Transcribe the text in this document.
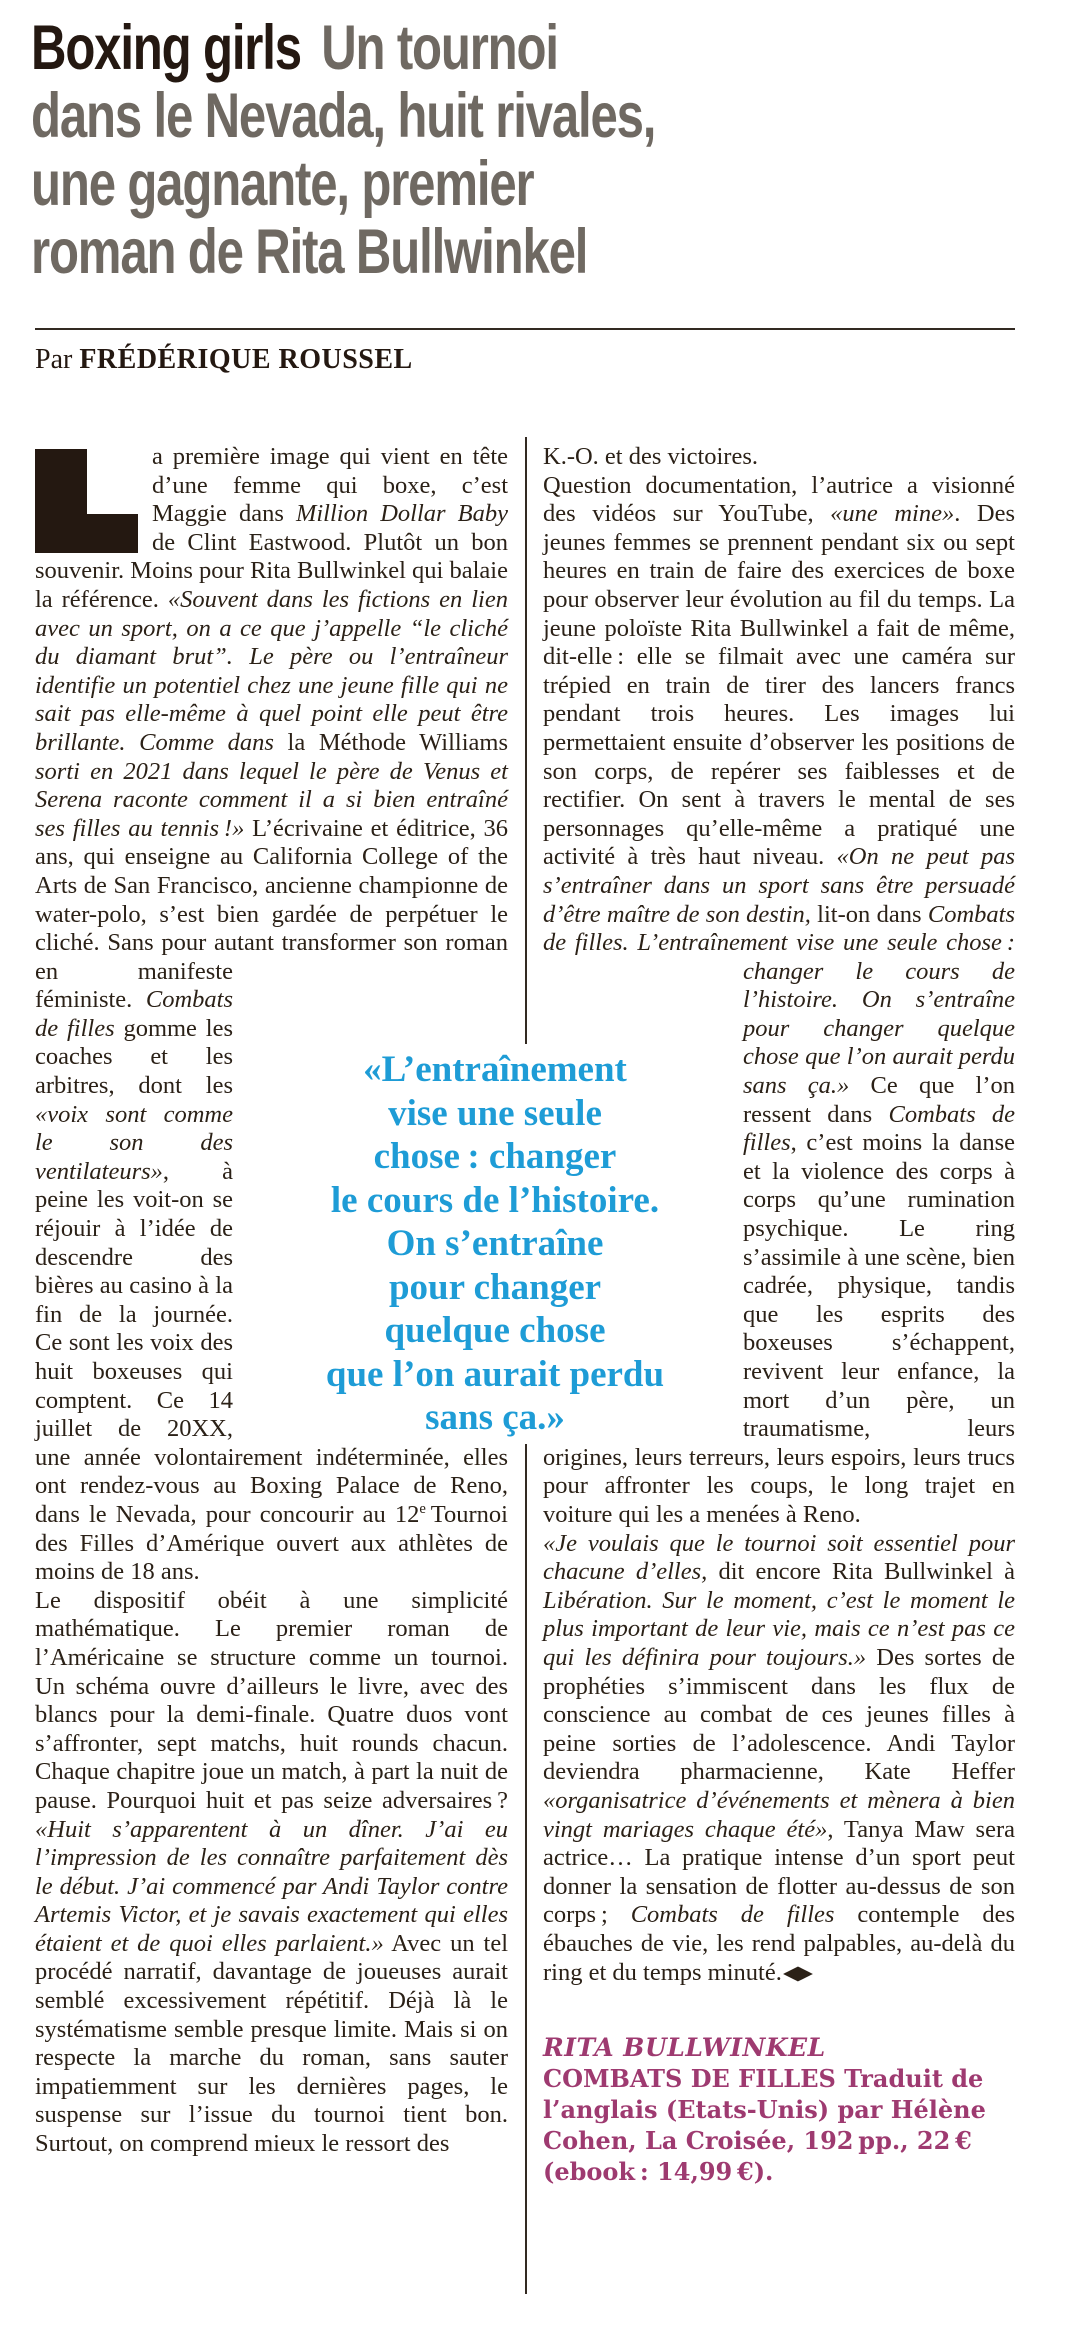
Boxing girls Un tournoi
dans le Nevada, huit rivales,
une gagnante, premier
roman de Rita Bullwinkel
Par FRÉDÉRIQUE ROUSSEL
a première image qui vient en tête d’une femme qui boxe, c’est Maggie dans Million Dollar Baby de Clint Eastwood. Plutôt un bon souvenir. Moins pour Rita Bullwinkel qui balaie la référence. «Souvent dans les fictions en lien avec un sport, on a ce que j’appelle “le cliché du diamant brut”. Le père ou l’entraîneur identifie un potentiel chez une jeune fille qui ne sait pas elle-même à quel point elle peut être brillante. Comme dans la Méthode Williams sorti en 2021 dans lequel le père de Venus et Serena raconte comment il a si bien entraîné ses filles au tennis !» L’écrivaine et éditrice, 36 ans, qui enseigne au California College of the Arts de San Francisco, ancienne championne de water-polo, s’est bien gardée de perpétuer le cliché. Sans pour autant transformer son
roman en manifeste féministe. Combats de filles gomme les coaches et les arbitres, dont les «voix sont comme le son des ventilateurs», à peine les voit-on se réjouir à l’idée de descendre des bières au casino à la fin de la journée. Ce sont les voix des huit boxeuses qui comptent. Ce 14 juillet de 20XX, une année volontairement indéterminée, elles ont rendez-vous au Boxing Palace de Reno, dans le Nevada, pour concourir au 12e Tournoi des Filles d’Amérique ouvert aux athlètes de moins de 18 ans.
Le dispositif obéit à une simplicité mathématique. Le premier roman de l’Américaine se structure comme un tournoi. Un schéma ouvre d’ailleurs le livre, avec des blancs pour la demi-finale. Quatre duos vont s’affronter, sept matchs, huit rounds chacun. Chaque chapitre joue un match, à part la nuit de pause. Pourquoi huit et pas seize adversaires ? «Huit s’apparentent à un dîner. J’ai eu l’impression de les connaître parfaitement dès le début. J’ai commencé par Andi Taylor contre Artemis Victor, et je savais exactement qui elles étaient et de quoi elles parlaient.» Avec un tel procédé narratif, davantage de joueuses aurait semblé excessivement répétitif. Déjà là le systématisme semble presque limite. Mais si on respecte la marche du roman, sans sauter impatiemment sur les dernières pages, le suspense sur l’issue du tournoi tient bon. Surtout, on comprend mieux le ressort des
K.-O. et des victoires.
Question documentation, l’autrice a visionné des vidéos sur YouTube, «une mine». Des jeunes femmes se prennent pendant six ou sept heures en train de faire des exercices de boxe pour observer leur évolution au fil du temps. La jeune poloïste Rita Bullwinkel a fait de même, dit-elle : elle se filmait avec une caméra sur trépied en train de tirer des lancers francs pendant trois heures. Les images lui permettaient ensuite d’observer les positions de son corps, de repérer ses faiblesses et de rectifier. On sent à travers le mental de ses personnages qu’elle-même a pratiqué une activité à très haut niveau. «On ne peut pas s’entraîner dans un sport sans être persuadé d’être maître de son destin, lit-on dans Combats de filles. L’entraînement vise une seule chose : changer le cours de
l’histoire. On s’entraîne pour changer quelque chose que l’on aurait perdu sans ça.» Ce que l’on ressent dans Combats de filles, c’est moins la danse et la violence des corps à corps qu’une rumination psychique. Le ring s’assimile à une scène, bien cadrée, physique, tandis que les esprits des boxeuses s’échappent, revivent leur enfance, la mort d’un père, un traumatisme, leurs origines, leurs terreurs, leurs espoirs, leurs trucs pour affronter les coups, le long trajet en voiture qui les a menées à Reno.
«Je voulais que le tournoi soit essentiel pour chacune d’elles, dit encore Rita Bullwinkel à Libération. Sur le moment, c’est le moment le plus important de leur vie, mais ce n’est pas ce qui les définira pour toujours.» Des sortes de prophéties s’immiscent dans les flux de conscience au combat de ces jeunes filles à peine sorties de l’adolescence. Andi Taylor deviendra pharmacienne, Kate Heffer «organisatrice d’événements et mènera à bien vingt mariages chaque été», Tanya Maw sera actrice… La pratique intense d’un sport peut donner la sensation de flotter au-dessus de son corps ; Combats de filles contemple des ébauches de vie, les rend palpables, au-delà du ring et du temps minuté. ◆
RITA BULLWINKEL
COMBATS DE FILLES Traduit de l’anglais (Etats-Unis) par Hélène Cohen, La Croisée, 192 pp., 22 € (ebook : 14,99 €).
«L’entraînement
vise une seule
chose : changer
le cours de l’histoire.
On s’entraîne
pour changer
quelque chose
que l’on aurait perdu
sans ça.»
